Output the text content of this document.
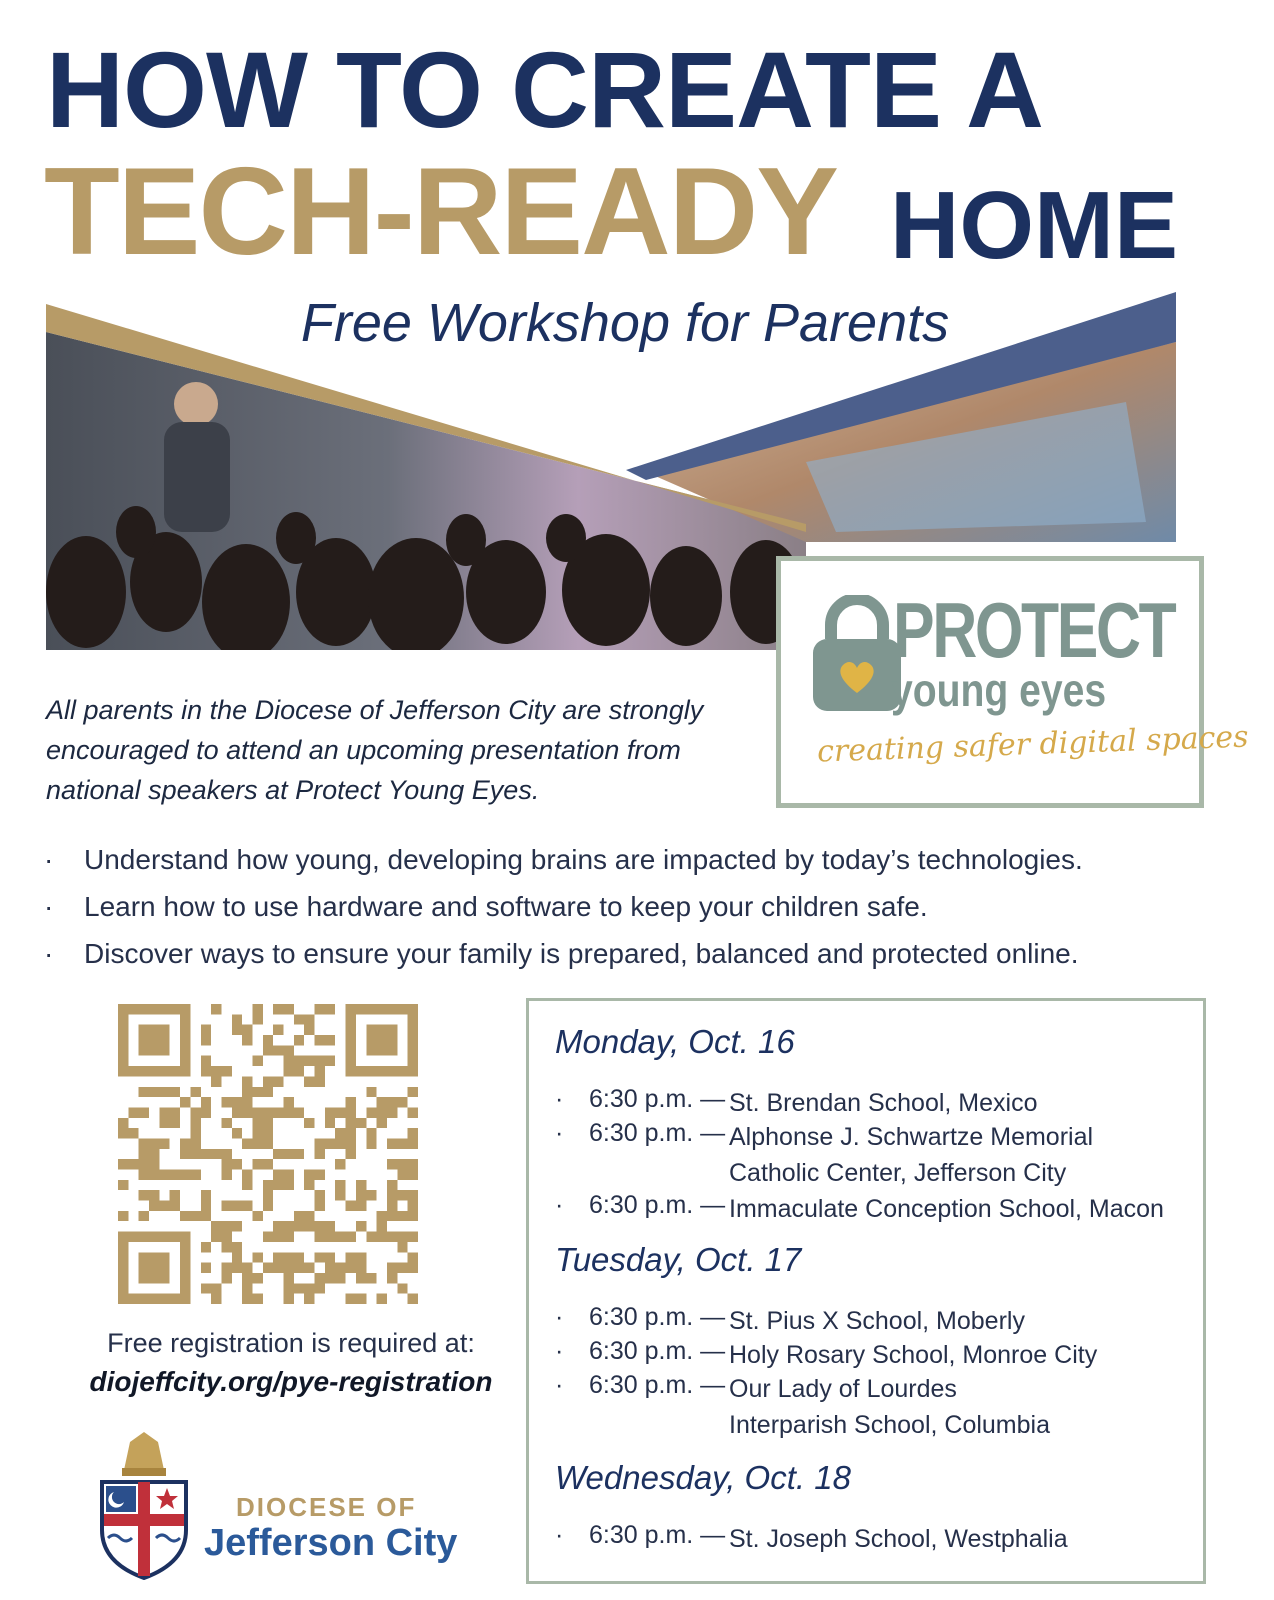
HOW TO CREATE A
TECH-READY HOME
Free Workshop for Parents
PROTECT
young eyes
creating safer digital spaces
All parents in the Diocese of Jefferson City are strongly encouraged to attend an upcoming presentation from national speakers at Protect Young Eyes.
· Understand how young, developing brains are impacted by today’s technologies.
· Learn how to use hardware and software to keep your children safe.
· Discover ways to ensure your family is prepared, balanced and protected online.
Free registration is required at:
diojeffcity.org/pye-registration
DIOCESE OF
Jefferson City
Monday, Oct. 16
· 6:30 p.m. — St. Brendan School, Mexico
· 6:30 p.m. — Alphonse J. Schwartze Memorial Catholic Center, Jefferson City
· 6:30 p.m. — Immaculate Conception School, Macon
Tuesday, Oct. 17
· 6:30 p.m. — St. Pius X School, Moberly
· 6:30 p.m. — Holy Rosary School, Monroe City
· 6:30 p.m. — Our Lady of Lourdes Interparish School, Columbia
Wednesday, Oct. 18
· 6:30 p.m. — St. Joseph School, Westphalia
